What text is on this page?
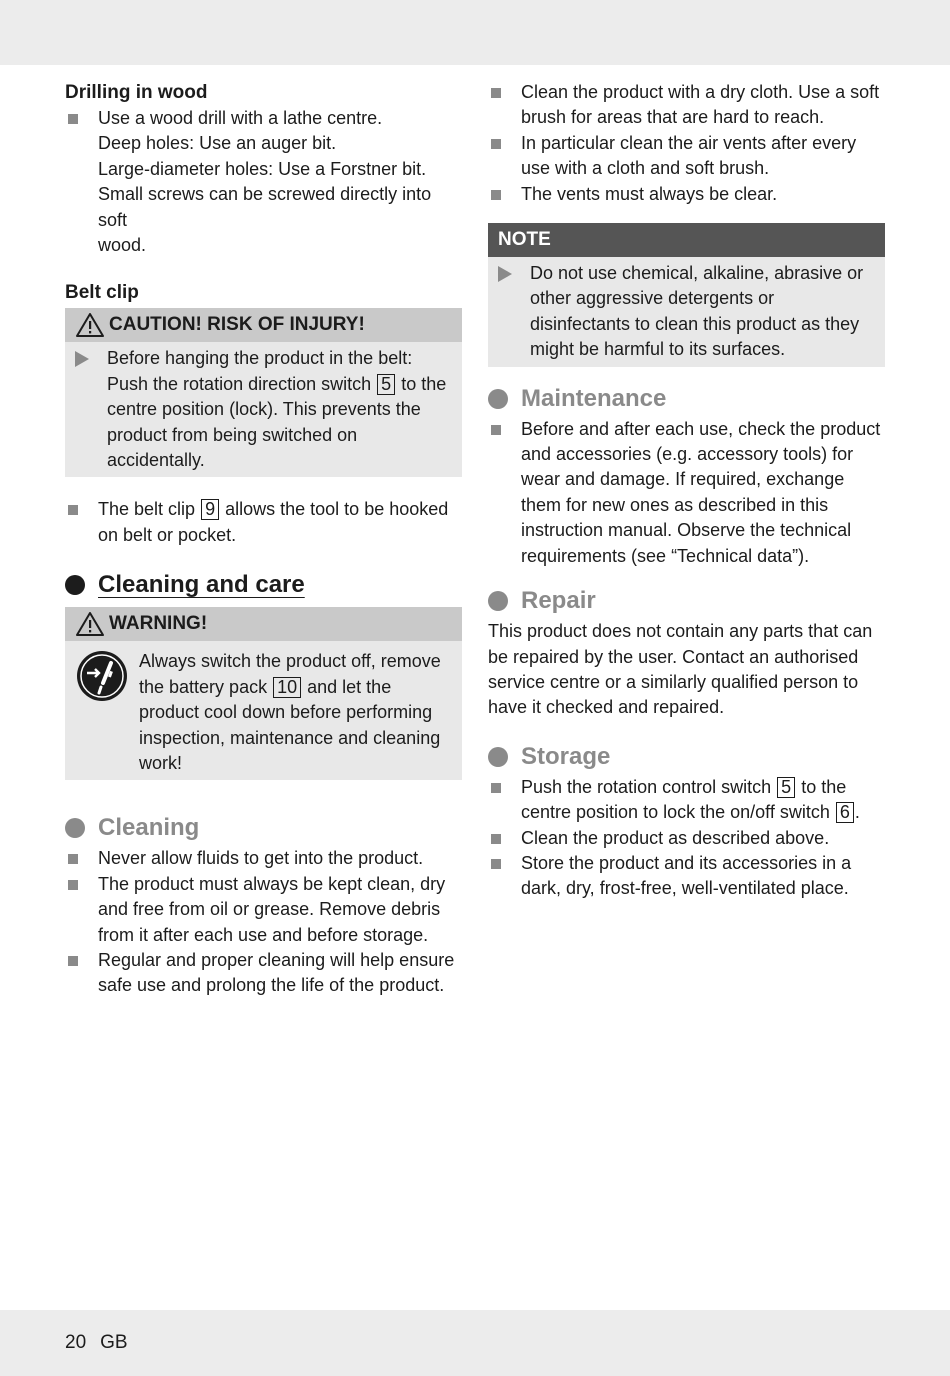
Drilling in wood

Use a wood drill with a lathe centre.
Deep holes: Use an auger bit.
Large-diameter holes: Use a Forstner bit.
Small screws can be screwed directly into soft
wood.

Belt clip

CAUTION! RISK OF INJURY!
Before hanging the product in the belt: Push the rotation direction switch 5 to the centre position (lock). This prevents the product from being switched on accidentally.
The belt clip 9 allows the tool to be hooked on belt or pocket.
Cleaning and care
WARNING!
Always switch the product off, remove the battery pack 10 and let the product cool down before performing inspection, maintenance and cleaning work!
Cleaning
Never allow fluids to get into the product.
The product must always be kept clean, dry and free from oil or grease. Remove debris from it after each use and before storage.
Regular and proper cleaning will help ensure safe use and prolong the life of the product.
Clean the product with a dry cloth. Use a soft brush for areas that are hard to reach.
In particular clean the air vents after every use with a cloth and soft brush.
The vents must always be clear.
NOTE
Do not use chemical, alkaline, abrasive or other aggressive detergents or disinfectants to clean this product as they might be harmful to its surfaces.
Maintenance
Before and after each use, check the product and accessories (e.g. accessory tools) for wear and damage. If required, exchange them for new ones as described in this instruction manual. Observe the technical requirements (see “Technical data”).
Repair

This product does not contain any parts that can be repaired by the user. Contact an authorised service centre or a similarly qualified person to have it checked and repaired.

Storage
Push the rotation control switch 5 to the centre position to lock the on/off switch 6 .
Clean the product as described above.
Store the product and its accessories in a dark, dry, frost-free, well-ventilated place.
20 GB
